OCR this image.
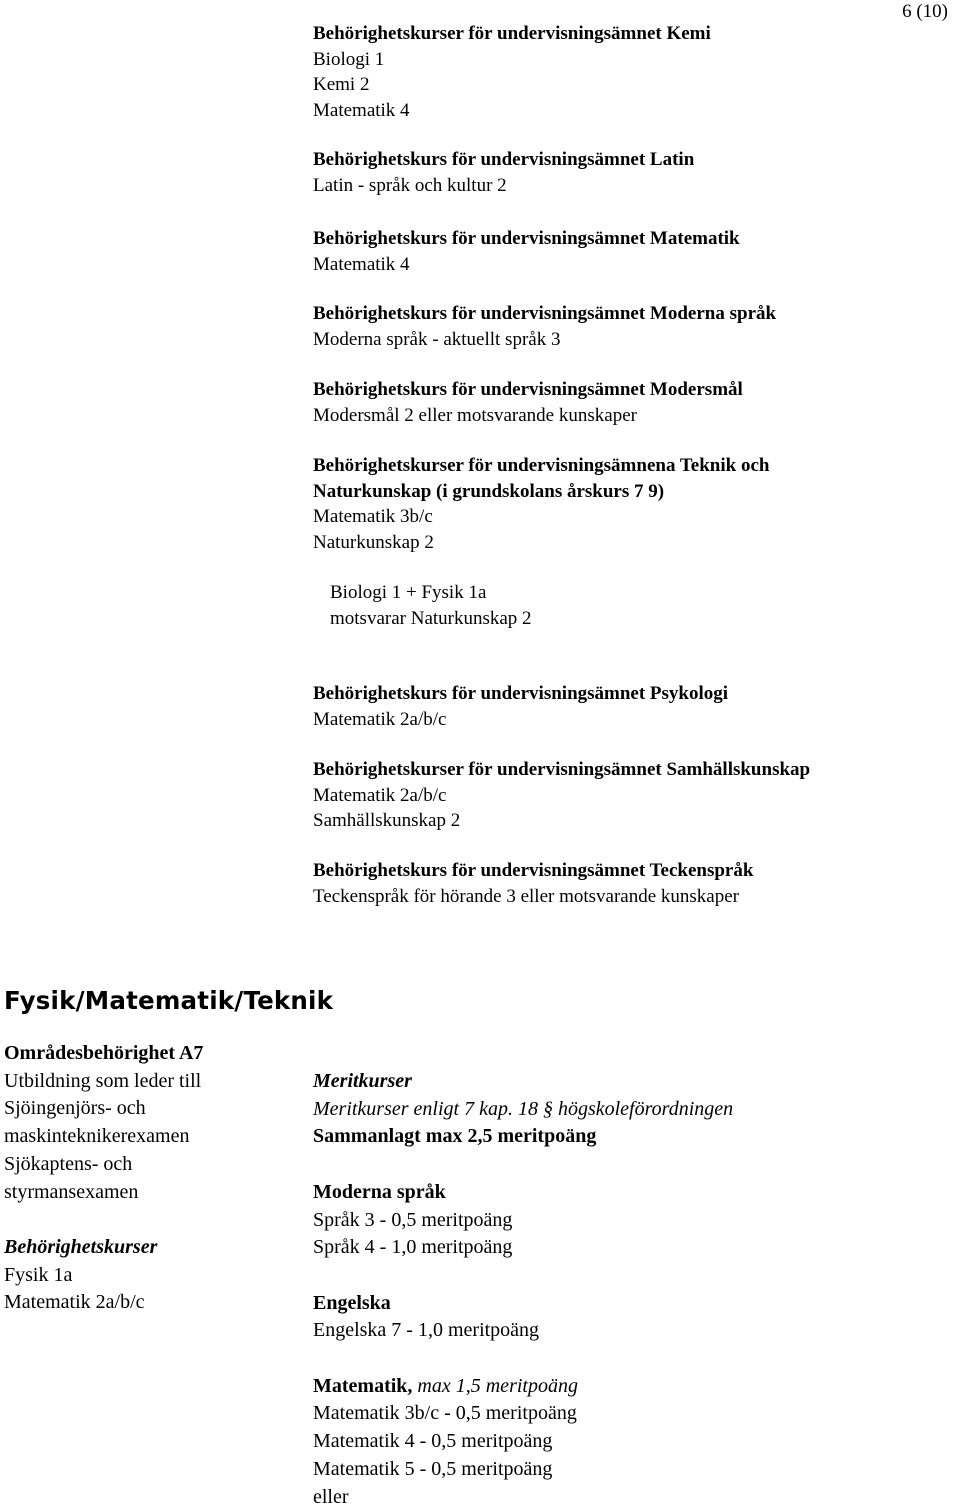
6 (10)
Behörighetskurser för undervisningsämnet Kemi
Biologi 1
Kemi 2
Matematik 4
Behörighetskurs för undervisningsämnet Latin
Latin - språk och kultur 2
Behörighetskurs för undervisningsämnet Matematik
Matematik 4
Behörighetskurs för undervisningsämnet Moderna språk
Moderna språk - aktuellt språk 3
Behörighetskurs för undervisningsämnet Modersmål
Modersmål 2 eller motsvarande kunskaper
Behörighetskurser för undervisningsämnena Teknik och
Naturkunskap (i grundskolans årskurs 7 9)
Matematik 3b/c
Naturkunskap 2
Biologi 1 + Fysik 1a
motsvarar Naturkunskap 2
Behörighetskurs för undervisningsämnet Psykologi
Matematik 2a/b/c
Behörighetskurser för undervisningsämnet Samhällskunskap
Matematik 2a/b/c
Samhällskunskap 2
Behörighetskurs för undervisningsämnet Teckenspråk
Teckenspråk för hörande 3 eller motsvarande kunskaper
Fysik/Matematik/Teknik
Områdesbehörighet A7
Utbildning som leder till
Sjöingenjörs- och
maskinteknikerexamen
Sjökaptens- och
styrmansexamen
Behörighetskurser
Fysik 1a
Matematik 2a/b/c
Meritkurser
Meritkurser enligt 7 kap. 18 § högskoleförordningen
Sammanlagt max 2,5 meritpoäng
Moderna språk
Språk 3 - 0,5 meritpoäng
Språk 4 - 1,0 meritpoäng
Engelska
Engelska 7 - 1,0 meritpoäng
Matematik, max 1,5 meritpoäng
Matematik 3b/c - 0,5 meritpoäng
Matematik 4 - 0,5 meritpoäng
Matematik 5 - 0,5 meritpoäng
eller
